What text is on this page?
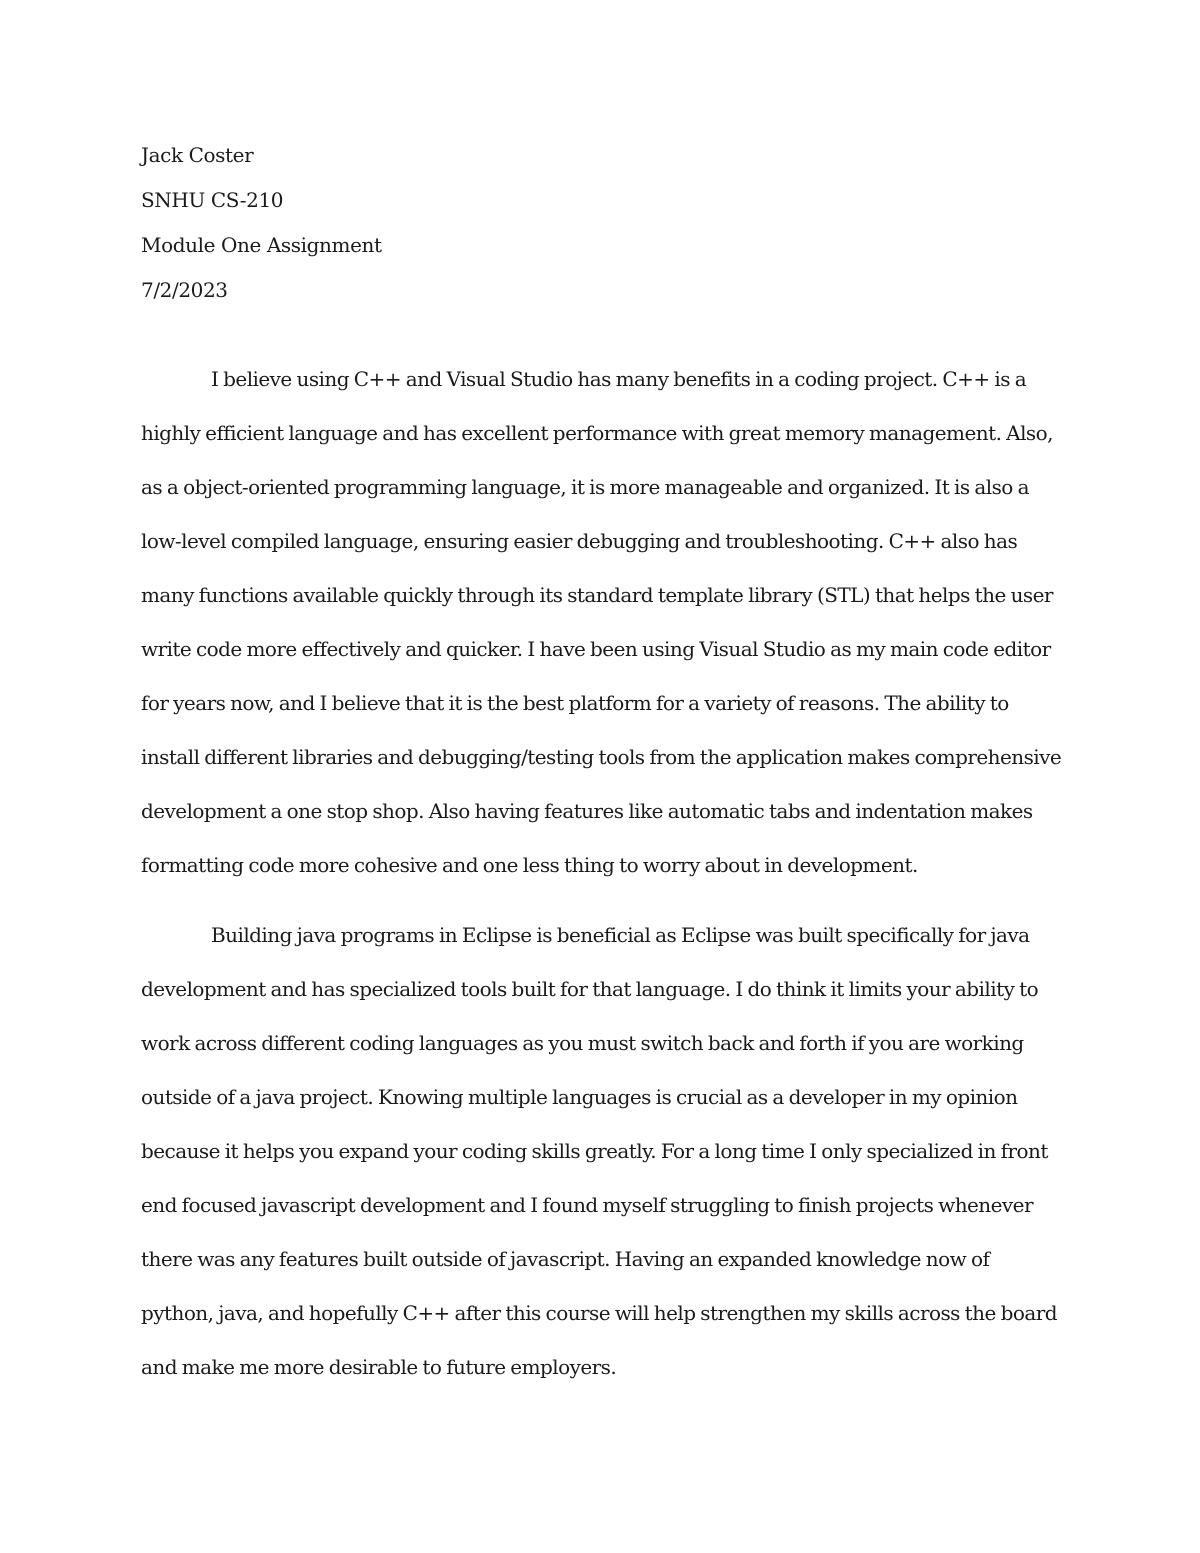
Jack Coster
SNHU CS-210
Module One Assignment
7/2/2023
I believe using C++ and Visual Studio has many benefits in a coding project. C++ is a
highly efficient language and has excellent performance with great memory management. Also,
as a object-oriented programming language, it is more manageable and organized. It is also a
low-level compiled language, ensuring easier debugging and troubleshooting. C++ also has
many functions available quickly through its standard template library (STL) that helps the user
write code more effectively and quicker. I have been using Visual Studio as my main code editor
for years now, and I believe that it is the best platform for a variety of reasons. The ability to
install different libraries and debugging/testing tools from the application makes comprehensive
development a one stop shop. Also having features like automatic tabs and indentation makes
formatting code more cohesive and one less thing to worry about in development.
Building java programs in Eclipse is beneficial as Eclipse was built specifically for java
development and has specialized tools built for that language. I do think it limits your ability to
work across different coding languages as you must switch back and forth if you are working
outside of a java project. Knowing multiple languages is crucial as a developer in my opinion
because it helps you expand your coding skills greatly. For a long time I only specialized in front
end focused javascript development and I found myself struggling to finish projects whenever
there was any features built outside of javascript. Having an expanded knowledge now of
python, java, and hopefully C++ after this course will help strengthen my skills across the board
and make me more desirable to future employers.
